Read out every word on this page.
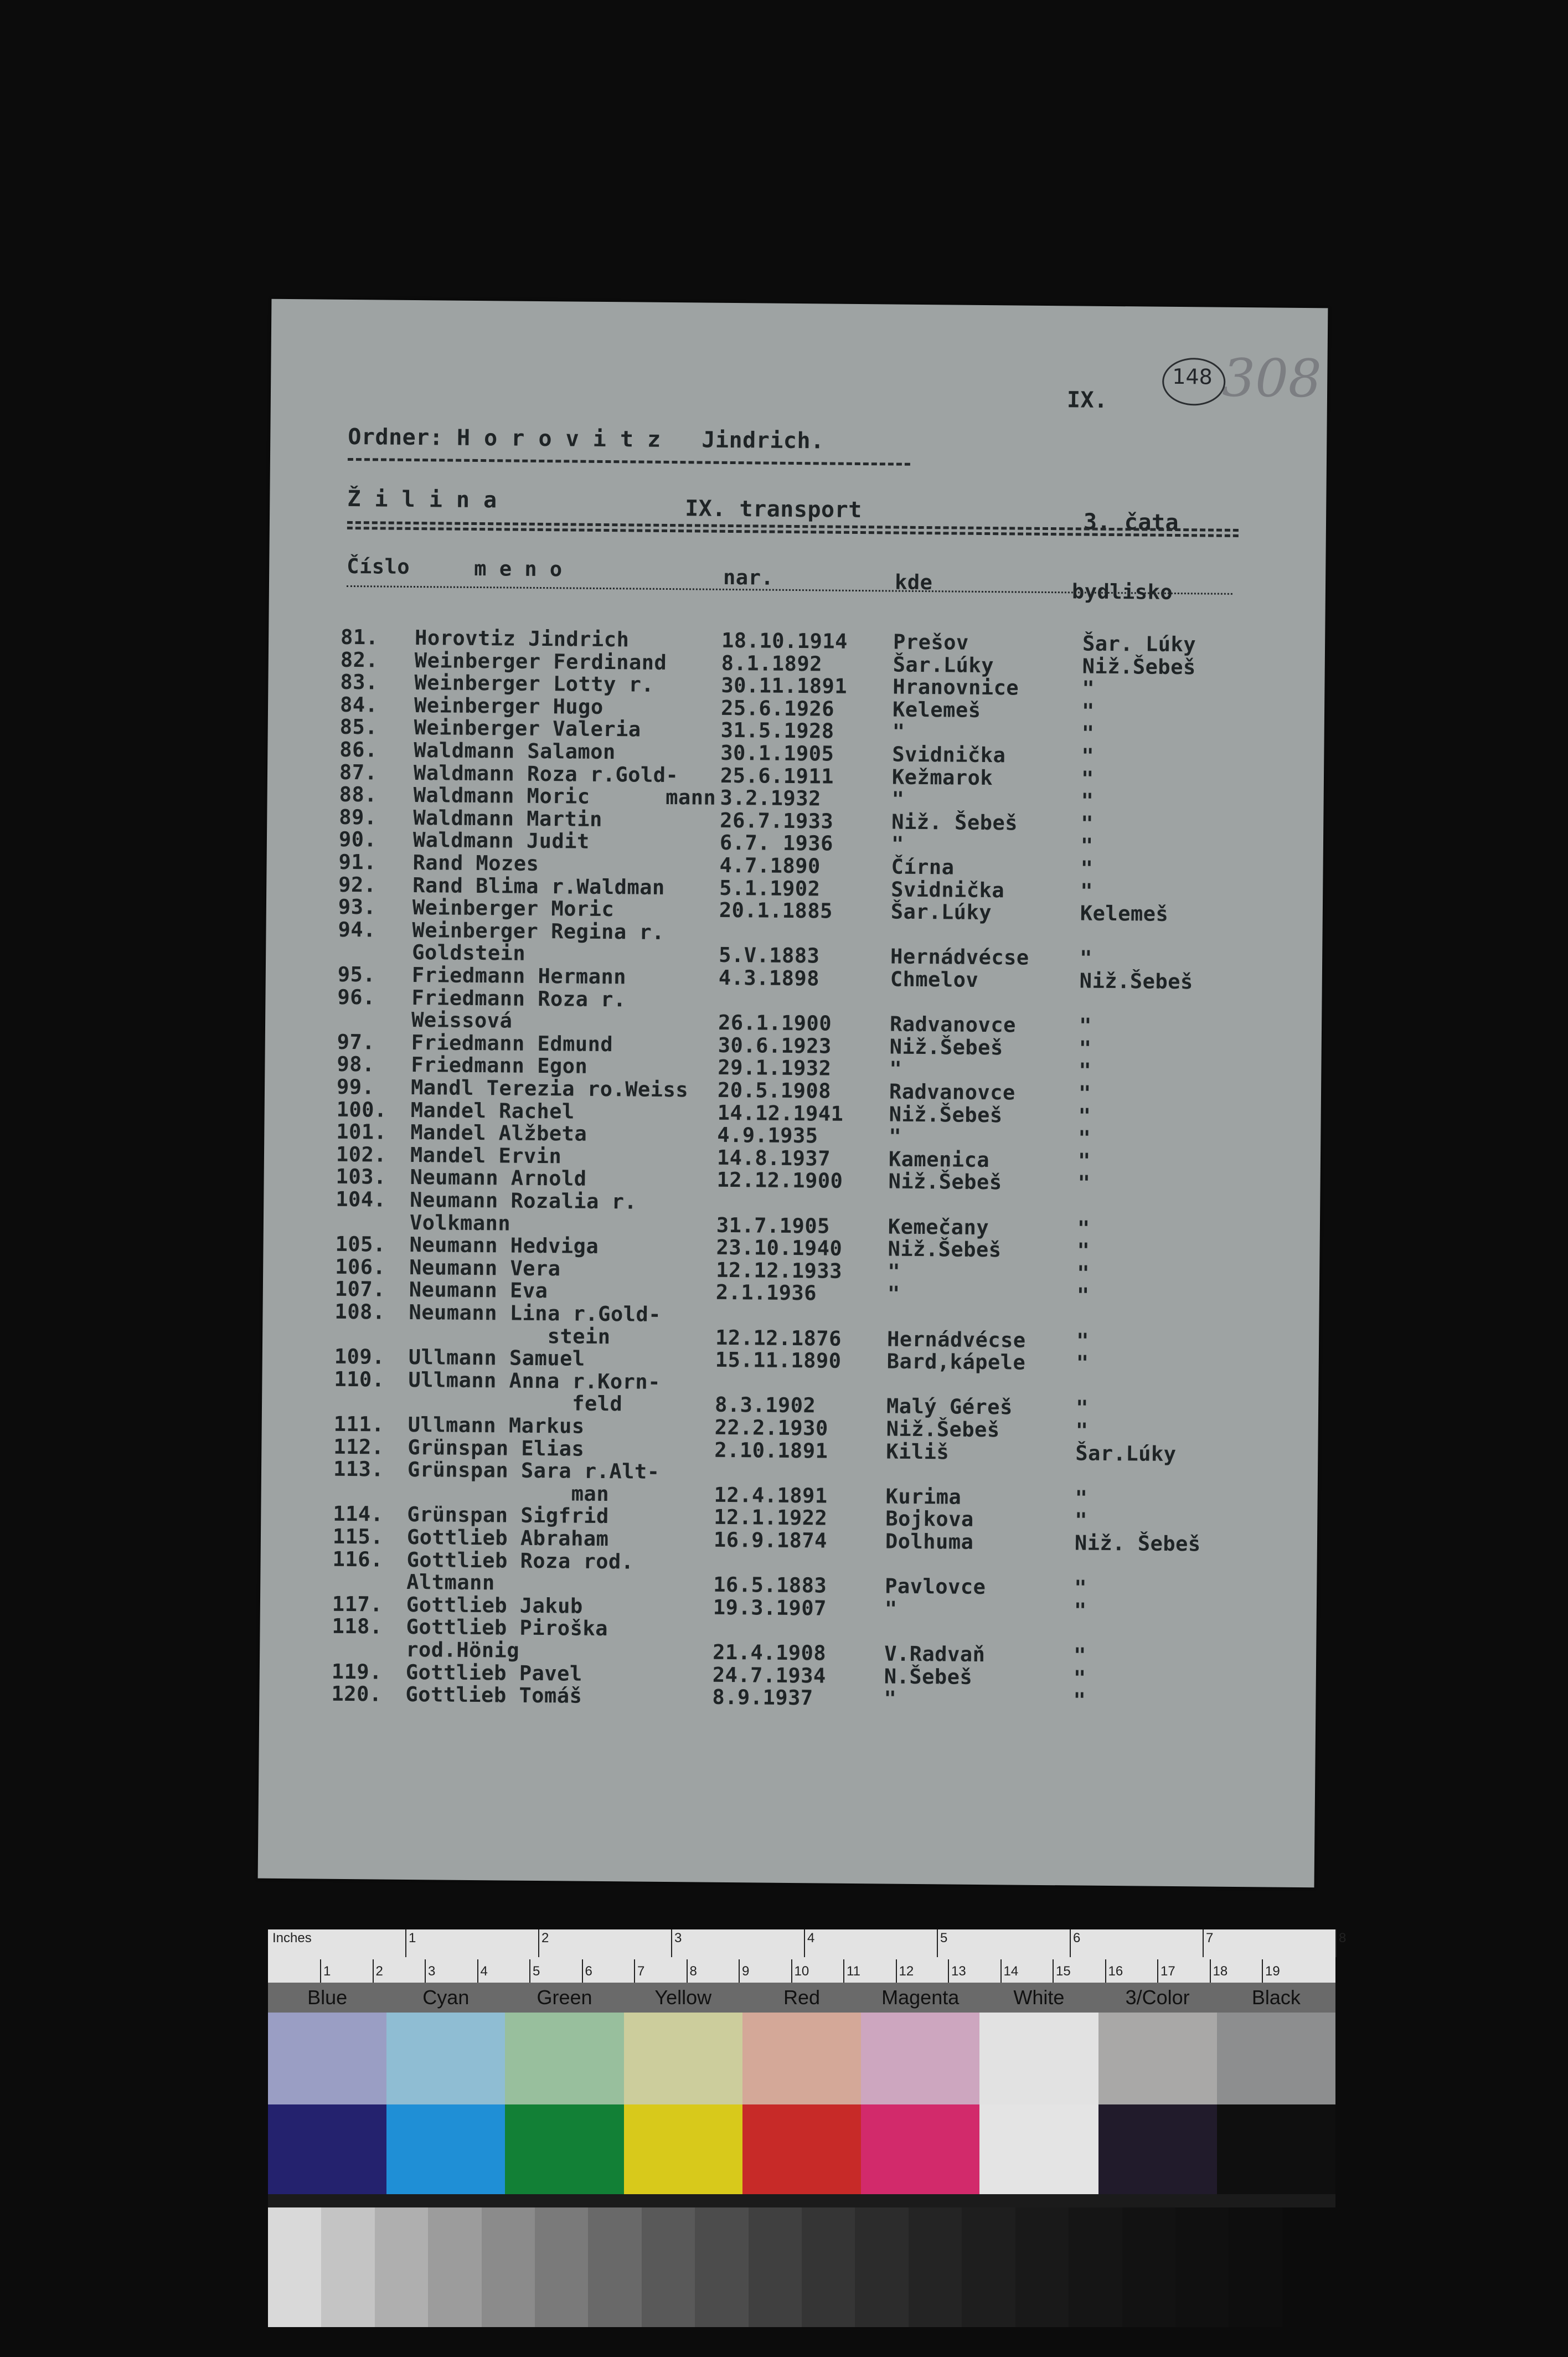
308
148
IX.
Ordner: H o r o v i t z   Jindrich.
Ž i l i n a	IX. transport	3. čata
Číslo	m e n o	nar.	kde	bydlisko
81. Horovtiz Jindrich	18.10.1914 Prešov	Šar. Lúky
82. Weinberger Ferdinand	8.1.1892	Šar.Lúky	Niž.Šebeš
83. Weinberger Lotty r.	30.11.1891 Hranovnice	"
84. Weinberger Hugo	25.6.1926	Kelemeš	"
85. Weinberger Valeria	31.5.1928	"	"
86. Waldmann Salamon	30.1.1905	Svidnička	"
87. Waldmann Roza r.Gold- 25.6.1911	Kežmarok	"
88. Waldmann Moric      mann 3.2.1932	"	"
89. Waldmann Martin	26.7.1933	Niž. Šebeš	"
90. Waldmann Judit	6.7. 1936	"	"
91. Rand Mozes	4.7.1890	Čírna	"
92. Rand Blima r.Waldman	5.1.1902	Svidnička	"
93. Weinberger Moric	20.1.1885	Šar.Lúky	Kelemeš
94. Weinberger Regina r.
Goldstein	5.V.1883	Hernádvécse "
95. Friedmann Hermann	4.3.1898	Chmelov	Niž.Šebeš
96. Friedmann Roza r.
Weissová	26.1.1900	Radvanovce	"
97. Friedmann Edmund	30.6.1923	Niž.Šebeš	"
98. Friedmann Egon	29.1.1932	"	"
99. Mandl Terezia ro.Weiss 20.5.1908	Radvanovce	"
100. Mandel Rachel	14.12.1941 Niž.Šebeš	"
101. Mandel Alžbeta	4.9.1935	"	"
102. Mandel Ervin	14.8.1937	Kamenica	"
103. Neumann Arnold	12.12.1900 Niž.Šebeš	"
104. Neumann Rozalia r.
Volkmann	31.7.1905	Kemečany	"
105. Neumann Hedviga	23.10.1940 Niž.Šebeš	"
106. Neumann Vera	12.12.1933 "	"
107. Neumann Eva	2.1.1936	"	"
108. Neumann Lina r.Gold-
stein	12.12.1876 Hernádvécse "
109. Ullmann Samuel	15.11.1890 Bard,kápele "
110. Ullmann Anna r.Korn-
feld	8.3.1902	Malý Géreš	"
111. Ullmann Markus	22.2.1930	Niž.Šebeš	"
112. Grünspan Elias	2.10.1891	Kiliš	Šar.Lúky
113. Grünspan Sara r.Alt-
man	12.4.1891	Kurima	"
114. Grünspan Sigfrid	12.1.1922	Bojkova	"
115. Gottlieb Abraham	16.9.1874	Dolhuma	Niž. Šebeš
116. Gottlieb Roza rod.
Altmann	16.5.1883	Pavlovce	"
117. Gottlieb Jakub	19.3.1907	"	"
118. Gottlieb Piroška
rod.Hönig	21.4.1908	V.Radvaň	"
119. Gottlieb Pavel	24.7.1934	N.Šebeš	"
120. Gottlieb Tomáš	8.9.1937	"	"
Inches	1	2	3	4	5	6	7	8
1	2	3	4	5	6	7	8	9	10	11	12	13	14	15	16	17	18	19
Blue	Cyan	Green	Yellow	Red	Magenta	White	3/Color	Black
